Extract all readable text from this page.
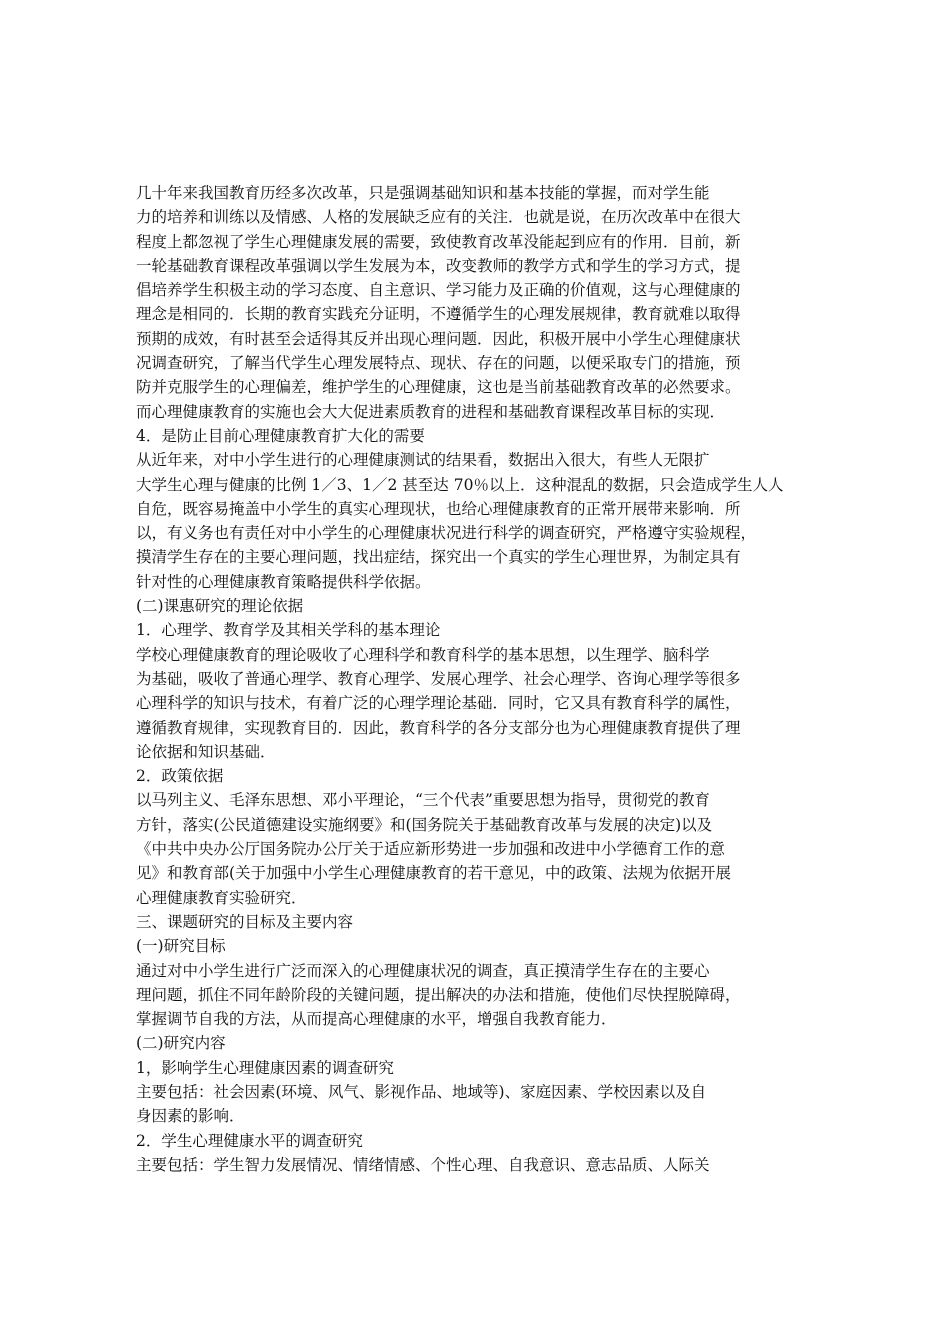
几十年来我国教育历经多次改革，只是强调基础知识和基本技能的掌握，而对学生能
力的培养和训练以及情感、人格的发展缺乏应有的关注．也就是说，在历次改革中在很大
程度上都忽视了学生心理健康发展的需要，致使教育改革没能起到应有的作用．目前，新
一轮基础教育课程改革强调以学生发展为本，改变教师的教学方式和学生的学习方式，提
倡培养学生积极主动的学习态度、自主意识、学习能力及正确的价值观，这与心理健康的
理念是相同的．长期的教育实践充分证明，不遵循学生的心理发展规律，教育就难以取得
预期的成效，有时甚至会适得其反并出现心理问题．因此，积极开展中小学生心理健康状
况调查研究，了解当代学生心理发展特点、现状、存在的问题，以便采取专门的措施，预
防并克服学生的心理偏差，维护学生的心理健康，这也是当前基础教育改革的必然要求。
而心理健康教育的实施也会大大促进素质教育的进程和基础教育课程改革目标的实现．
4．是防止目前心理健康教育扩大化的需要
从近年来，对中小学生进行的心理健康测试的结果看，数据出入很大，有些人无限扩
大学生心理与健康的比例 1／3、1／2 甚至达 70％以上．这种混乱的数据，只会造成学生人人
自危，既容易掩盖中小学生的真实心理现状，也给心理健康教育的正常开展带来影响．所
以，有义务也有责任对中小学生的心理健康状况进行科学的调查研究，严格遵守实验规程，
摸清学生存在的主要心理问题，找出症结，探究出一个真实的学生心理世界，为制定具有
针对性的心理健康教育策略提供科学依据。
(二)课惠研究的理论依据
1．心理学、教育学及其相关学科的基本理论
学校心理健康教育的理论吸收了心理科学和教育科学的基本思想，以生理学、脑科学
为基础，吸收了普通心理学、教育心理学、发展心理学、社会心理学、咨询心理学等很多
心理科学的知识与技术，有着广泛的心理学理论基础．同时，它又具有教育科学的属性，
遵循教育规律，实现教育目的．因此，教育科学的各分支部分也为心理健康教育提供了理
论依据和知识基础．
2．政策依据
以马列主义、毛泽东思想、邓小平理论，“三个代表”重要思想为指导，贯彻党的教育
方针，落实(公民道德建设实施纲要》和(国务院关于基础教育改革与发展的决定)以及
《中共中央办公厅国务院办公厅关于适应新形势进一步加强和改进中小学德育工作的意
见》和教育部(关于加强中小学生心理健康教育的若干意见，中的政策、法规为依据开展
心理健康教育实验研究．
三、课题研究的目标及主要内容
(一)研究目标
通过对中小学生进行广泛而深入的心理健康状况的调查，真正摸清学生存在的主要心
理问题，抓住不同年龄阶段的关键问题，提出解决的办法和措施，使他们尽快捏脱障碍，
掌握调节自我的方法，从而提高心理健康的水平，增强自我教育能力．
(二)研究内容
1，影响学生心理健康因素的调查研究
主要包括：社会因素(环境、风气、影视作品、地域等)、家庭因素、学校因素以及自
身因素的影响．
2．学生心理健康水平的调查研究
主要包括：学生智力发展情况、情绪情感、个性心理、自我意识、意志品质、人际关
